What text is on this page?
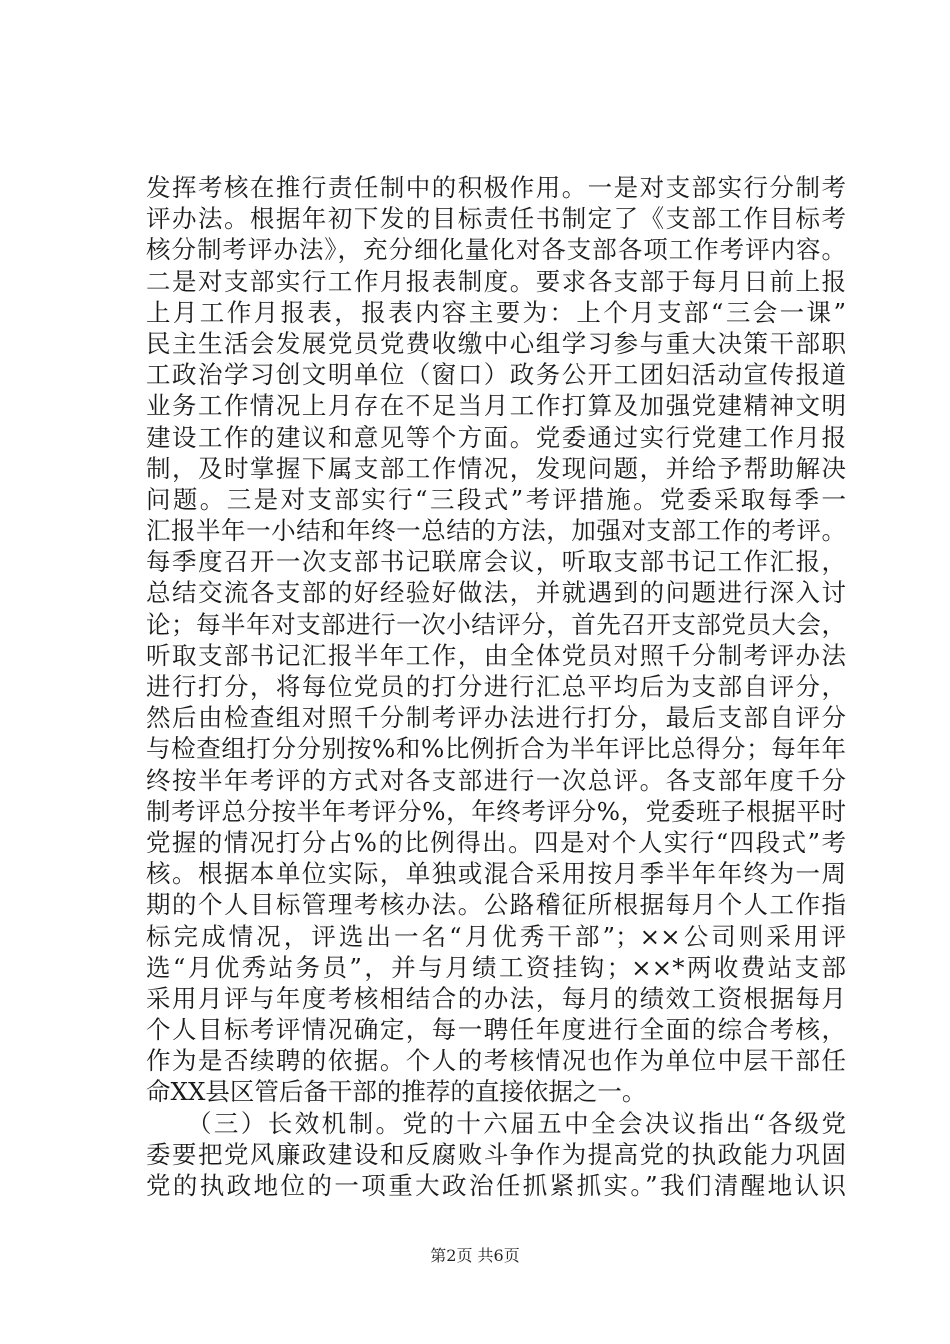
发挥考核在推行责任制中的积极作用。一是对支部实行分制考
评办法。根据年初下发的目标责任书制定了《支部工作目标考
核分制考评办法》，充分细化量化对各支部各项工作考评内容。
二是对支部实行工作月报表制度。要求各支部于每月日前上报
上月工作月报表，报表内容主要为：上个月支部“三会一课”
民主生活会发展党员党费收缴中心组学习参与重大决策干部职
工政治学习创文明单位（窗口）政务公开工团妇活动宣传报道
业务工作情况上月存在不足当月工作打算及加强党建精神文明
建设工作的建议和意见等个方面。党委通过实行党建工作月报
制，及时掌握下属支部工作情况，发现问题，并给予帮助解决
问题。三是对支部实行“三段式”考评措施。党委采取每季一
汇报半年一小结和年终一总结的方法，加强对支部工作的考评。
每季度召开一次支部书记联席会议，听取支部书记工作汇报，
总结交流各支部的好经验好做法，并就遇到的问题进行深入讨
论；每半年对支部进行一次小结评分，首先召开支部党员大会，
听取支部书记汇报半年工作，由全体党员对照千分制考评办法
进行打分，将每位党员的打分进行汇总平均后为支部自评分，
然后由检查组对照千分制考评办法进行打分，最后支部自评分
与检查组打分分别按%和%比例折合为半年评比总得分；每年年
终按半年考评的方式对各支部进行一次总评。各支部年度千分
制考评总分按半年考评分%，年终考评分%，党委班子根据平时
党握的情况打分占%的比例得出。四是对个人实行“四段式”考
核。根据本单位实际，单独或混合采用按月季半年年终为一周
期的个人目标管理考核办法。公路稽征所根据每月个人工作指
标完成情况，评选出一名“月优秀干部”；××公司则采用评
选“月优秀站务员”，并与月绩工资挂钩；××*两收费站支部
采用月评与年度考核相结合的办法，每月的绩效工资根据每月
个人目标考评情况确定，每一聘任年度进行全面的综合考核，
作为是否续聘的依据。个人的考核情况也作为单位中层干部任
命XX县区管后备干部的推荐的直接依据之一。
（三）长效机制。党的十六届五中全会决议指出“各级党
委要把党风廉政建设和反腐败斗争作为提高党的执政能力巩固
党的执政地位的一项重大政治任抓紧抓实。”我们清醒地认识
第2页 共6页
